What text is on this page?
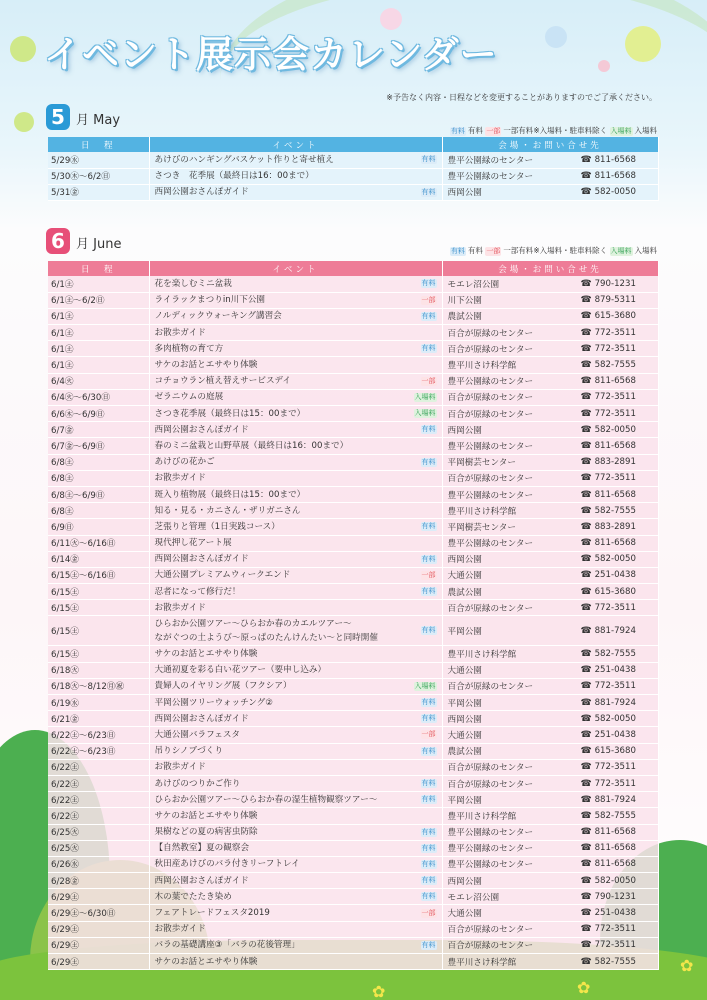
✿	✿
✿
イベント展示会カレンダー
※予告なく内容・日程などを変更することがありますのでご了承ください。
5 月 May
有料 有料 一部 一部有料※入場料・駐車料除く 入場料 入場料
日　程	イベント	会場・お問い合せ先
5/29㊌	あけびのハンギングバスケット作りと寄せ植え 有料	豊平公園緑のセンター ☎ 811-6568

5/30㊍～6/2㊐	さつき　花季展（最終日は16：00まで）	豊平公園緑のセンター ☎ 811-6568

5/31㊎	西岡公園おさんぽガイド 有料	西岡公園 ☎ 582-0050
6 月 June	有料 有料 一部 一部有料※入場料・駐車料除く 入場料 入場料
日　程	イベント	会場・お問い合せ先
6/1㊏	花を楽しむミニ盆栽 有料	モエレ沼公園 ☎ 790-1231

6/1㊏～6/2㊐	ライラックまつりin川下公園 一部	川下公園 ☎ 879-5311

6/1㊏	ノルディックウォーキング講習会 有料	農試公園 ☎ 615-3680

6/1㊏	お散歩ガイド	百合が原緑のセンター ☎ 772-3511

6/1㊏	多肉植物の育て方 有料	百合が原緑のセンター ☎ 772-3511

6/1㊏	サケのお話とエサやり体験	豊平川さけ科学館 ☎ 582-7555

6/4㊋	コチョウラン植え替えサービスデイ 一部	豊平公園緑のセンター ☎ 811-6568

6/4㊋～6/30㊐	ゼラニウムの庭展 入場料	百合が原緑のセンター ☎ 772-3511

6/6㊍～6/9㊐	さつき花季展（最終日は15：00まで） 入場料	百合が原緑のセンター ☎ 772-3511

6/7㊎	西岡公園おさんぽガイド 有料	西岡公園 ☎ 582-0050

6/7㊎～6/9㊐	春のミニ盆栽と山野草展（最終日は16：00まで）	豊平公園緑のセンター ☎ 811-6568

6/8㊏	あけびの花かご 有料	平岡樹芸センター ☎ 883-2891

6/8㊏	お散歩ガイド	百合が原緑のセンター ☎ 772-3511

6/8㊏～6/9㊐	斑入り植物展（最終日は15：00まで）	豊平公園緑のセンター ☎ 811-6568

6/8㊏	知る・見る・カニさん・ザリガニさん	豊平川さけ科学館 ☎ 582-7555

6/9㊐	芝張りと管理（1日実践コース） 有料	平岡樹芸センター ☎ 883-2891

6/11㊋～6/16㊐	現代押し花アート展	豊平公園緑のセンター ☎ 811-6568

6/14㊎	西岡公園おさんぽガイド 有料	西岡公園 ☎ 582-0050

6/15㊏～6/16㊐	大通公園プレミアムウィークエンド 一部	大通公園 ☎ 251-0438

6/15㊏	忍者になって修行だ！ 有料	農試公園 ☎ 615-3680

6/15㊏	お散歩ガイド	百合が原緑のセンター ☎ 772-3511

6/15㊏	ひらおか公園ツアー～ひらおか春のカエルツアー～
ながぐつの土ようび～原っぱのたんけんたい～と同時開催
有料	平岡公園 ☎ 881-7924

6/15㊏	サケのお話とエサやり体験	豊平川さけ科学館 ☎ 582-7555

6/18㊋	大通初夏を彩る白い花ツアー（要申し込み）	大通公園 ☎ 251-0438

6/18㊋～8/12㊊㊗	貴婦人のイヤリング展（フクシア） 入場料	百合が原緑のセンター ☎ 772-3511

6/19㊌	平岡公園ツリーウォッチング② 有料	平岡公園 ☎ 881-7924

6/21㊎	西岡公園おさんぽガイド 有料	西岡公園 ☎ 582-0050

6/22㊏～6/23㊐	大通公園バラフェスタ 一部	大通公園 ☎ 251-0438

6/22㊏～6/23㊐	吊りシノブづくり 有料	農試公園 ☎ 615-3680

6/22㊏	お散歩ガイド	百合が原緑のセンター ☎ 772-3511

6/22㊏	あけびのつりかご作り 有料	百合が原緑のセンター ☎ 772-3511

6/22㊏	ひらおか公園ツアー～ひらおか春の湿生植物観察ツアー～ 有料	平岡公園 ☎ 881-7924

6/22㊏	サケのお話とエサやり体験	豊平川さけ科学館 ☎ 582-7555

6/25㊋	果樹などの夏の病害虫防除 有料	豊平公園緑のセンター ☎ 811-6568

6/25㊋	【自然教室】夏の観察会 有料	豊平公園緑のセンター ☎ 811-6568

6/26㊌	秋田産あけびのバラ付きリーフトレイ 有料	豊平公園緑のセンター ☎ 811-6568

6/28㊎	西岡公園おさんぽガイド 有料	西岡公園 ☎ 582-0050

6/29㊏	木の葉でたたき染め 有料	モエレ沼公園 ☎ 790-1231

6/29㊏～6/30㊐	フェアトレードフェスタ2019 一部	大通公園 ☎ 251-0438

6/29㊏	お散歩ガイド	百合が原緑のセンター ☎ 772-3511

6/29㊏	バラの基礎講座③「バラの花後管理」 有料	百合が原緑のセンター ☎ 772-3511

6/29㊏	サケのお話とエサやり体験	豊平川さけ科学館 ☎ 582-7555
